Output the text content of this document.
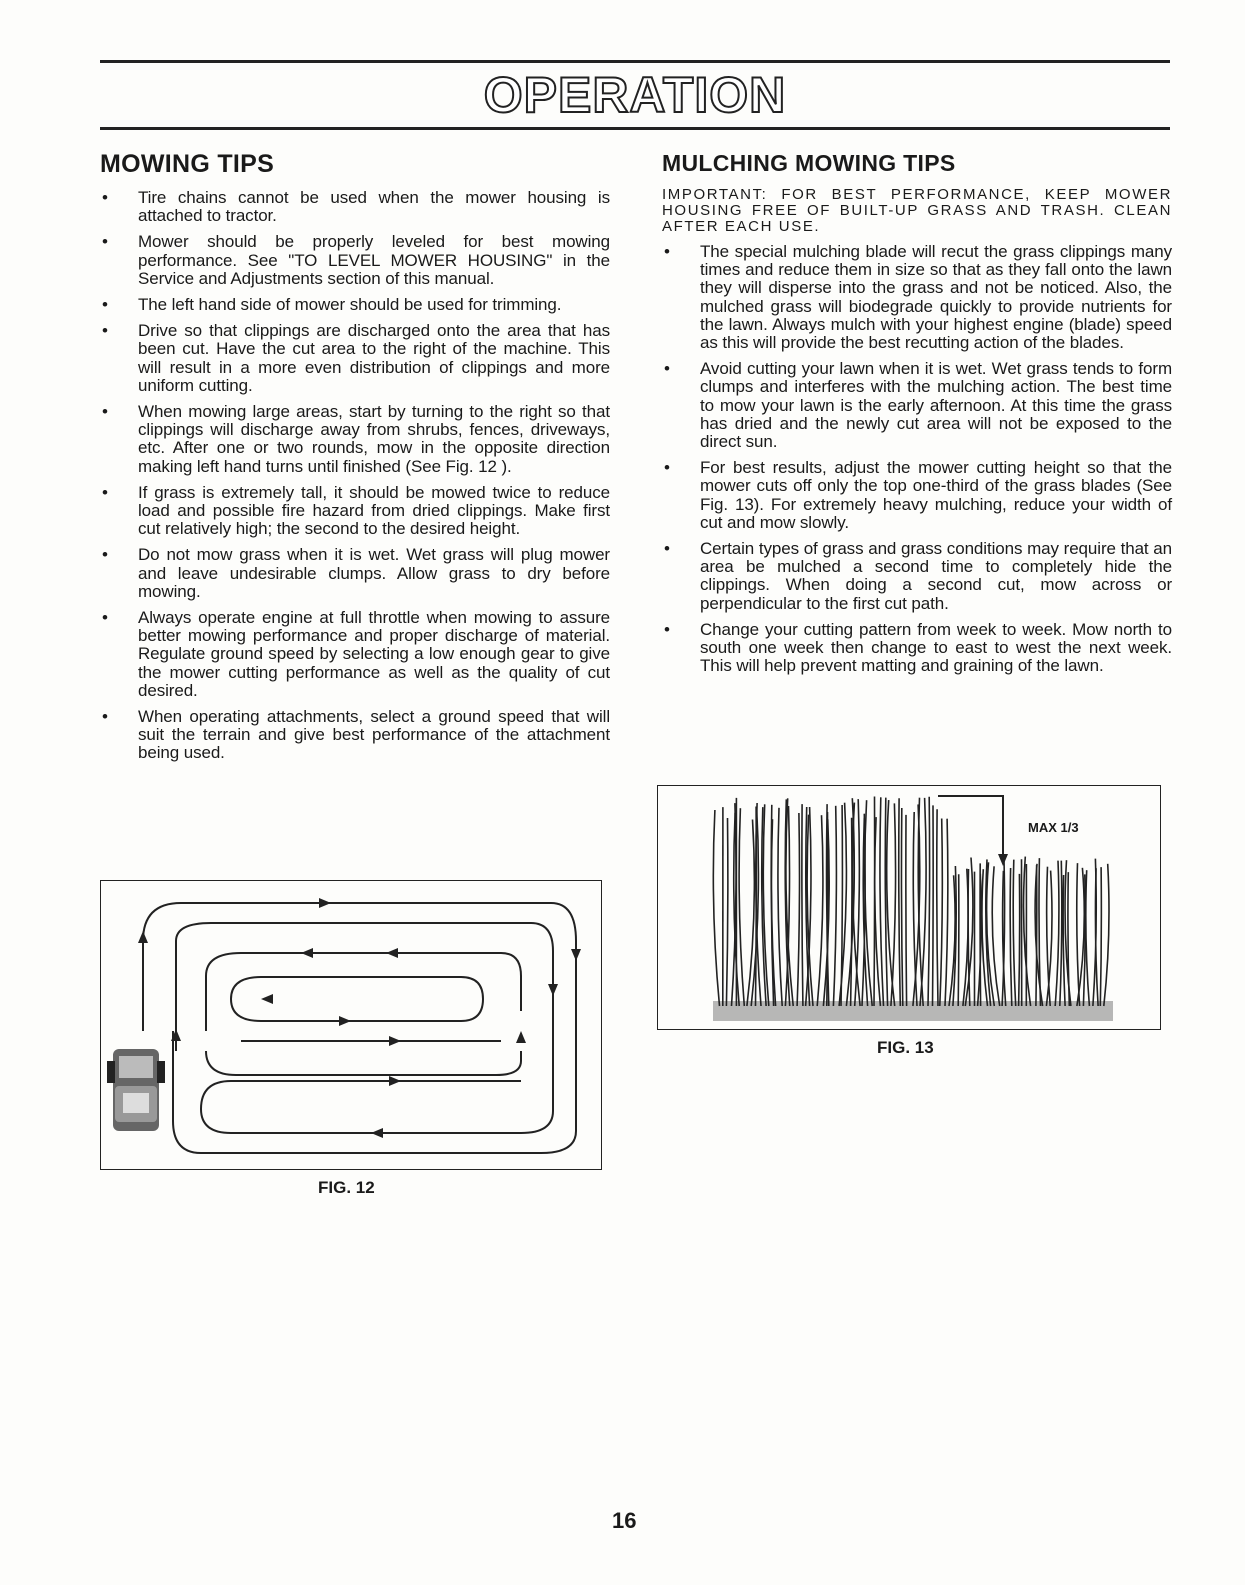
OPERATION
MOWING TIPS
• Tire chains cannot be used when the mower housing is attached to tractor.
• Mower should be properly leveled for best mowing performance. See "TO LEVEL MOWER HOUSING" in the Service and Adjustments section of this manual.
• The left hand side of mower should be used for trimming.
• Drive so that clippings are discharged onto the area that has been cut. Have the cut area to the right of the machine. This will result in a more even distribution of clippings and more uniform cutting.
• When mowing large areas, start by turning to the right so that clippings will discharge away from shrubs, fences, driveways, etc. After one or two rounds, mow in the opposite direction making left hand turns until finished (See Fig. 12 ).
• If grass is extremely tall, it should be mowed twice to reduce load and possible fire hazard from dried clippings. Make first cut relatively high; the second to the desired height.
• Do not mow grass when it is wet. Wet grass will plug mower and leave undesirable clumps. Allow grass to dry before mowing.
• Always operate engine at full throttle when mowing to assure better mowing performance and proper discharge of material. Regulate ground speed by selecting a low enough gear to give the mower cutting performance as well as the quality of cut desired.
• When operating attachments, select a ground speed that will suit the terrain and give best performance of the attachment being used.
MULCHING MOWING TIPS

IMPORTANT: FOR BEST PERFORMANCE, KEEP MOWER HOUSING FREE OF BUILT-UP GRASS AND TRASH. CLEAN AFTER EACH USE.

• The special mulching blade will recut the grass clippings many times and reduce them in size so that as they fall onto the lawn they will disperse into the grass and not be noticed. Also, the mulched grass will biodegrade quickly to provide nutrients for the lawn. Always mulch with your highest engine (blade) speed as this will provide the best recutting action of the blades.
• Avoid cutting your lawn when it is wet. Wet grass tends to form clumps and interferes with the mulching action. The best time to mow your lawn is the early afternoon. At this time the grass has dried and the newly cut area will not be exposed to the direct sun.
• For best results, adjust the mower cutting height so that the mower cuts off only the top one-third of the grass blades (See Fig. 13). For extremely heavy mulching, reduce your width of cut and mow slowly.
• Certain types of grass and grass conditions may require that an area be mulched a second time to completely hide the clippings. When doing a second cut, mow across or perpendicular to the first cut path.
• Change your cutting pattern from week to week. Mow north to south one week then change to east to west the next week. This will help prevent matting and graining of the lawn.
FIG. 12
MAX 1/3
FIG. 13
16
